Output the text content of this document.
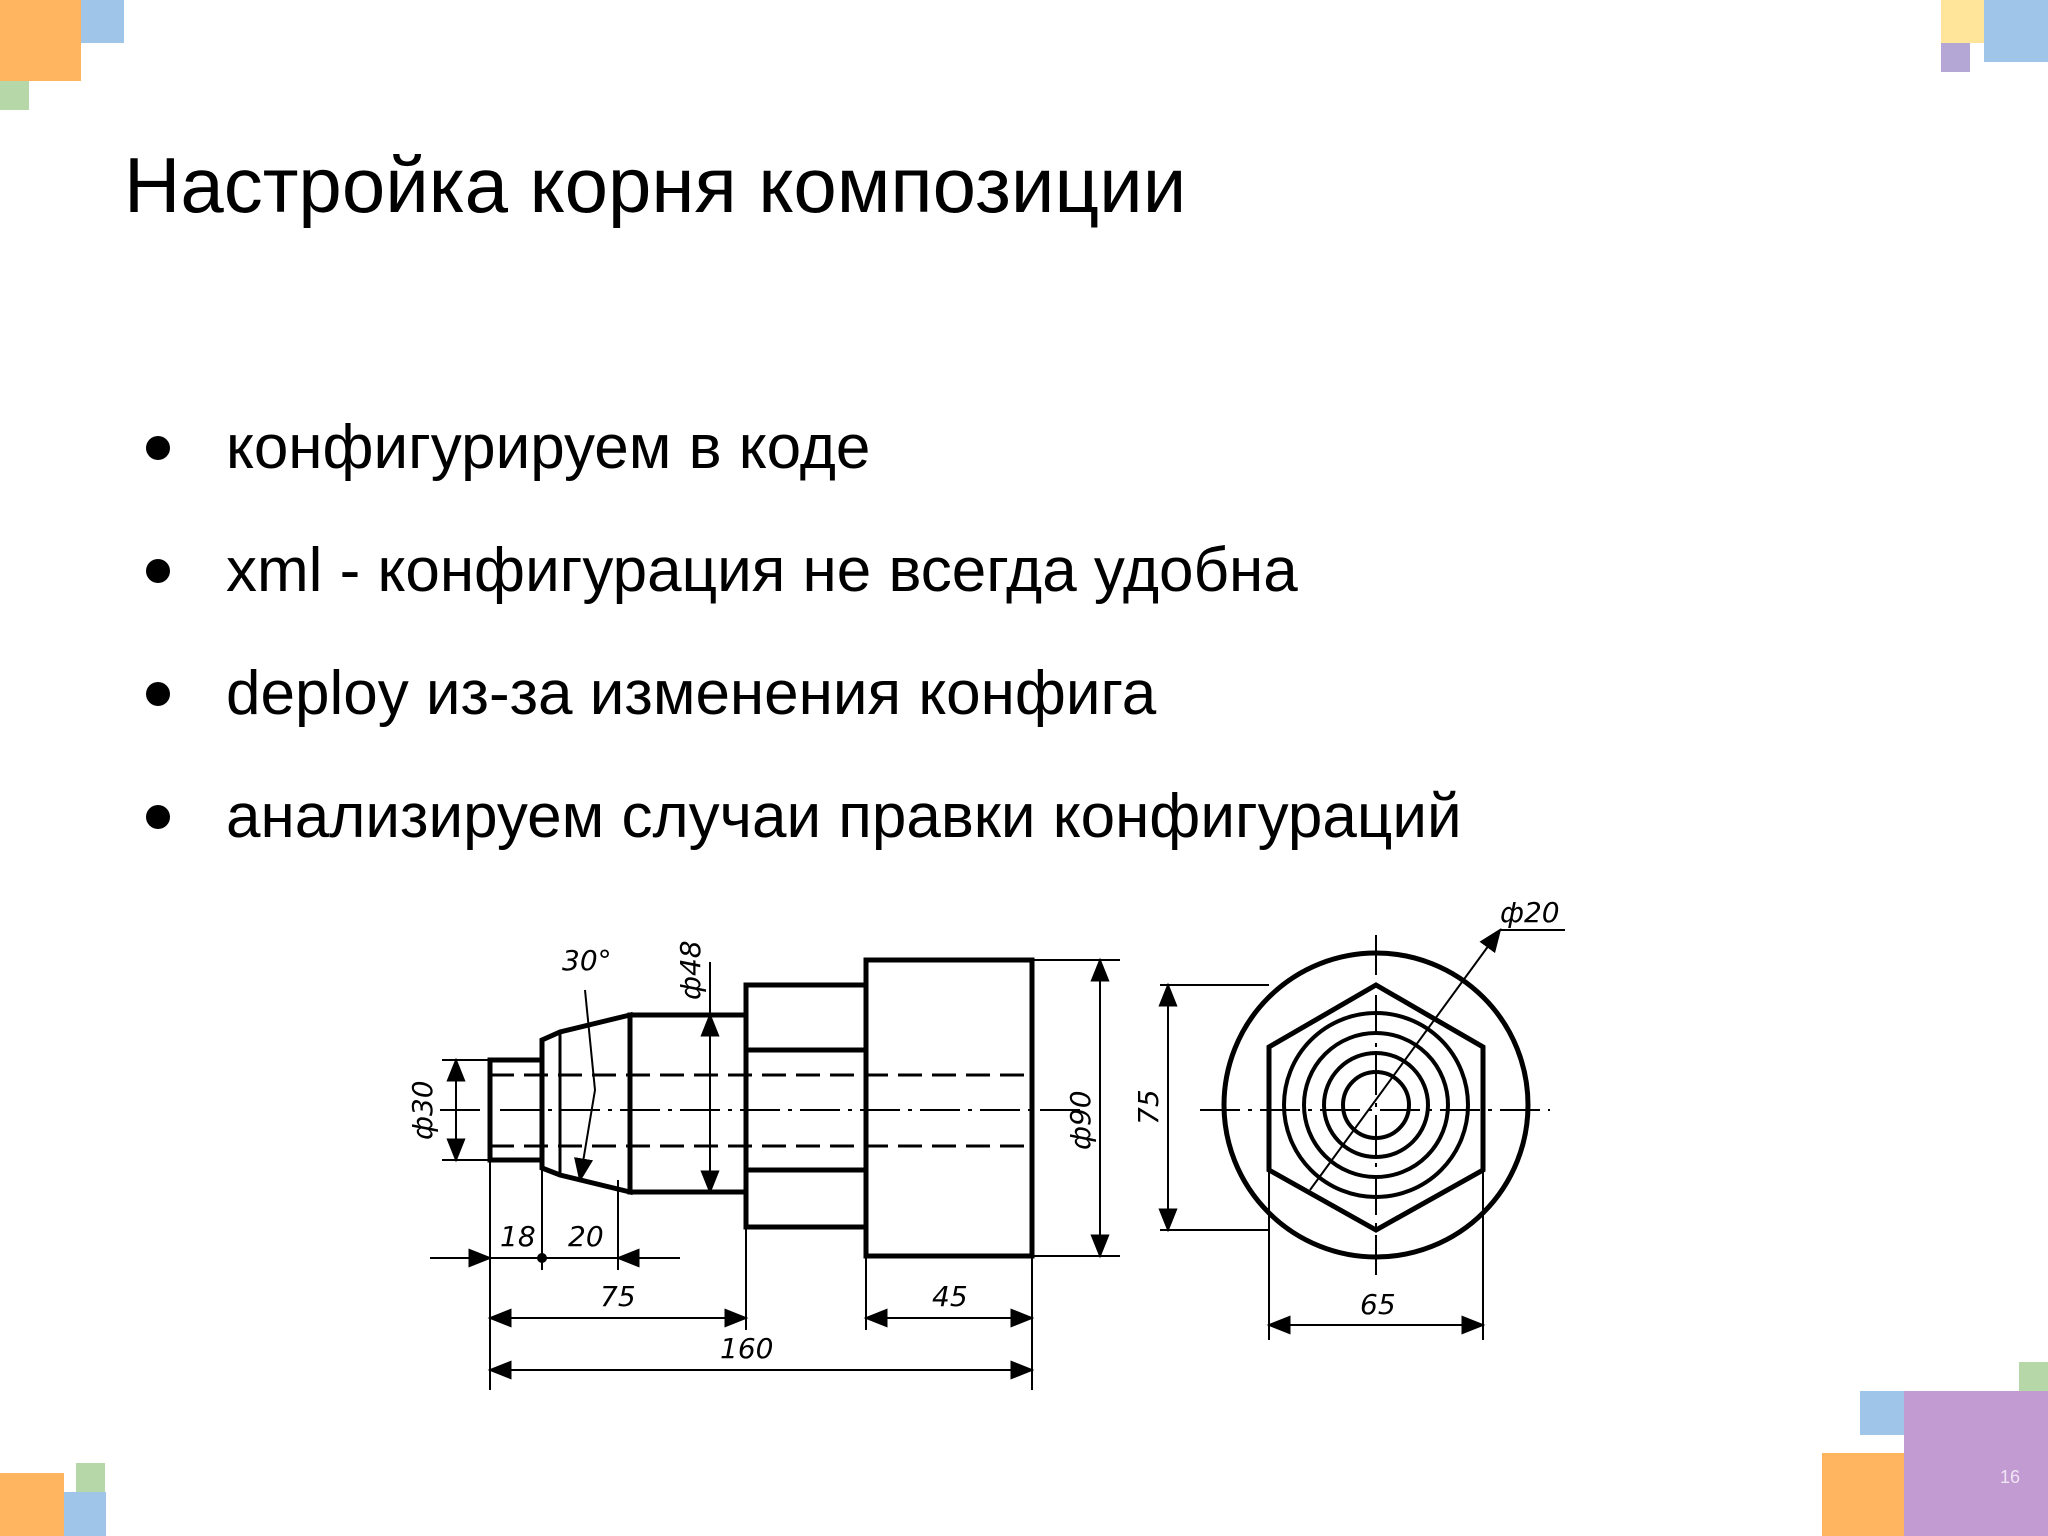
Настройка корня композиции
конфигурируем в коде
xml - конфигурация не всегда удобна
deploy из-за изменения конфига
анализируем случаи правки конфигураций
ф30
30° ф48
ф90
18 20
75	45
160
ф20
75
65
16
